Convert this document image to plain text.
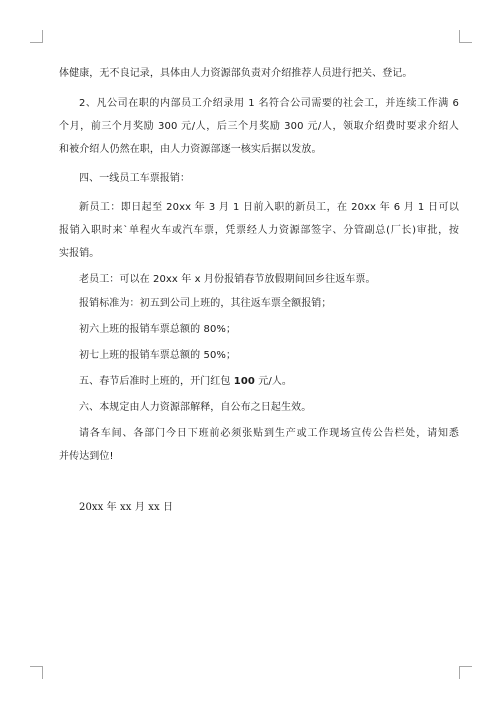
体健康，无不良记录，具体由人力资源部负责对介绍推荐人员进行把关、登记。
2、凡公司在职的内部员工介绍录用 1 名符合公司需要的社会工，并连续工作满 6
个月，前三个月奖励 300 元/人，后三个月奖励 300 元/人，领取介绍费时要求介绍人
和被介绍人仍然在职，由人力资源部逐一核实后据以发放。
四、一线员工车票报销：
新员工：即日起至 20xx 年 3 月 1 日前入职的新员工，在 20xx 年 6 月 1 日可以
报销入职时来`单程火车或汽车票，凭票经人力资源部签字、分管副总(厂长)审批，按
实报销。
老员工：可以在 20xx 年 x 月份报销春节放假期间回乡往返车票。
报销标准为：初五到公司上班的，其往返车票全额报销；
初六上班的报销车票总额的 80%；
初七上班的报销车票总额的 50%；
五、春节后准时上班的，开门红包 100 元/人。
六、本规定由人力资源部解释，自公布之日起生效。
请各车间、各部门今日下班前必须张贴到生产或工作现场宣传公告栏处，请知悉
并传达到位!
20xx 年 xx 月 xx 日
